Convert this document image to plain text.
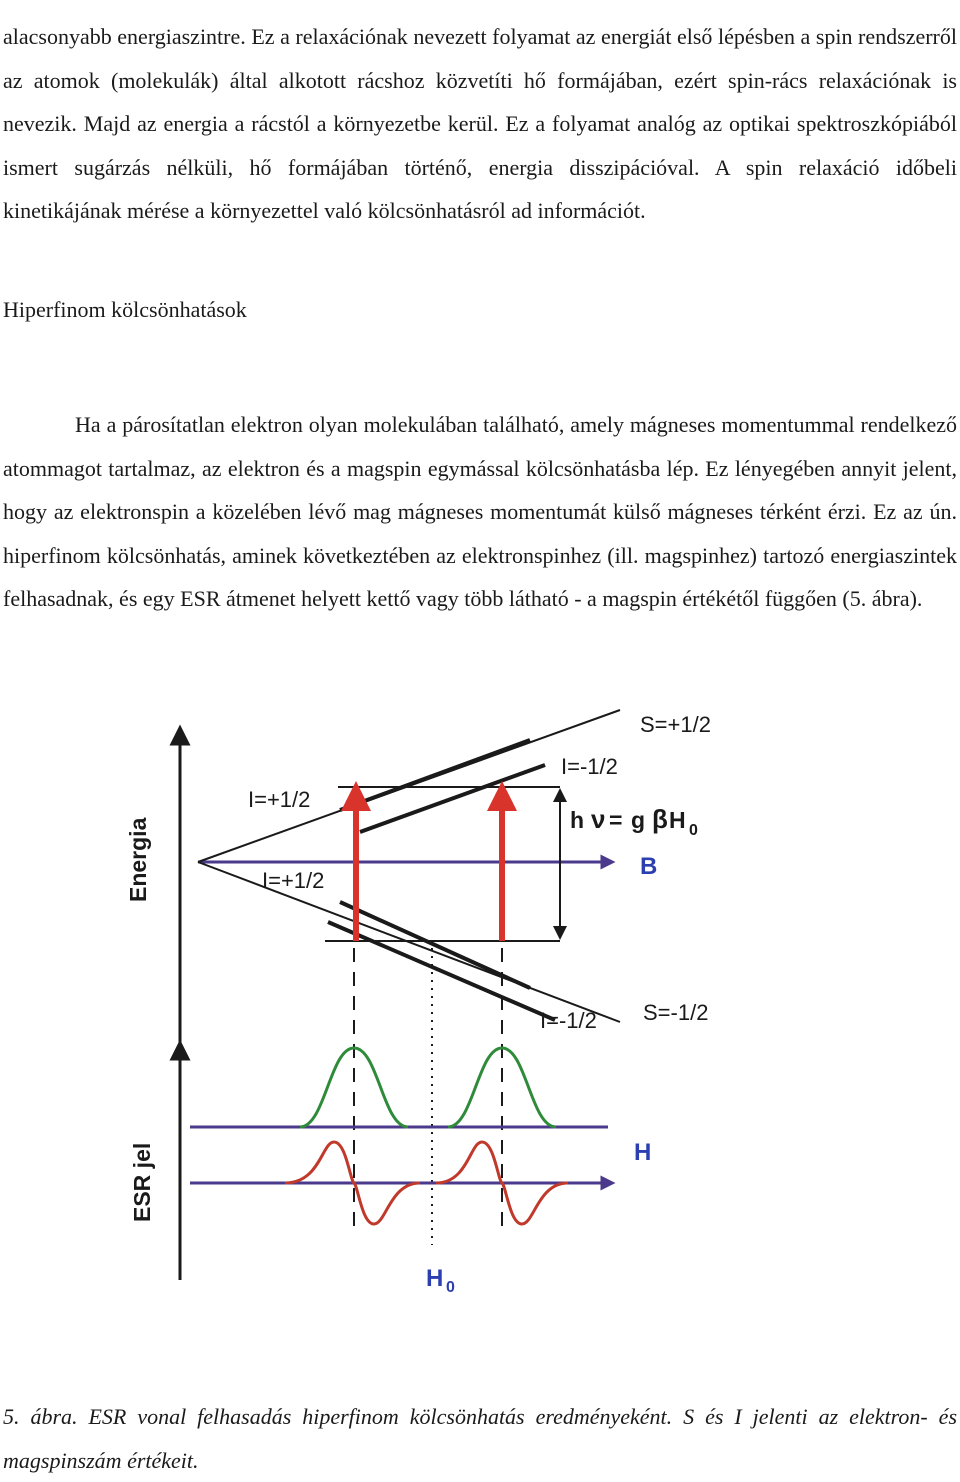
alacsonyabb energiaszintre. Ez a relaxációnak nevezett folyamat az energiát első lépésben a spin rendszerről az atomok (molekulák) által alkotott rácshoz közvetíti hő formájában, ezért spin-rács relaxációnak is nevezik. Majd az energia a rácstól a környezetbe kerül. Ez a folyamat analóg az optikai spektroszkópiából ismert sugárzás nélküli, hő formájában történő, energia disszipációval. A spin relaxáció időbeli kinetikájának mérése a környezettel való kölcsönhatásról ad információt.

Hiperfinom kölcsönhatások

Ha a párosítatlan elektron olyan molekulában található, amely mágneses momentummal rendelkező atommagot tartalmaz, az elektron és a magspin egymással kölcsönhatásba lép. Ez lényegében annyit jelent, hogy az elektronspin a közelében lévő mag mágneses momentumát külső mágneses térként érzi. Ez az ún. hiperfinom kölcsönhatás, aminek következtében az elektronspinhez (ill. magspinhez) tartozó energiaszintek felhasadnak, és egy ESR átmenet helyett kettő vagy több látható - a magspin értékétől függően (5. ábra).

Energia
S=+1/2
I=-1/2
I=+1/2
I=+1/2
I=-1/2 S=-1/2
h ν = g β H 0
B
ESR jel	H
H 0

5. ábra. ESR vonal felhasadás hiperfinom kölcsönhatás eredményeként. S és I jelenti az elektron- és magspinszám értékeit.
